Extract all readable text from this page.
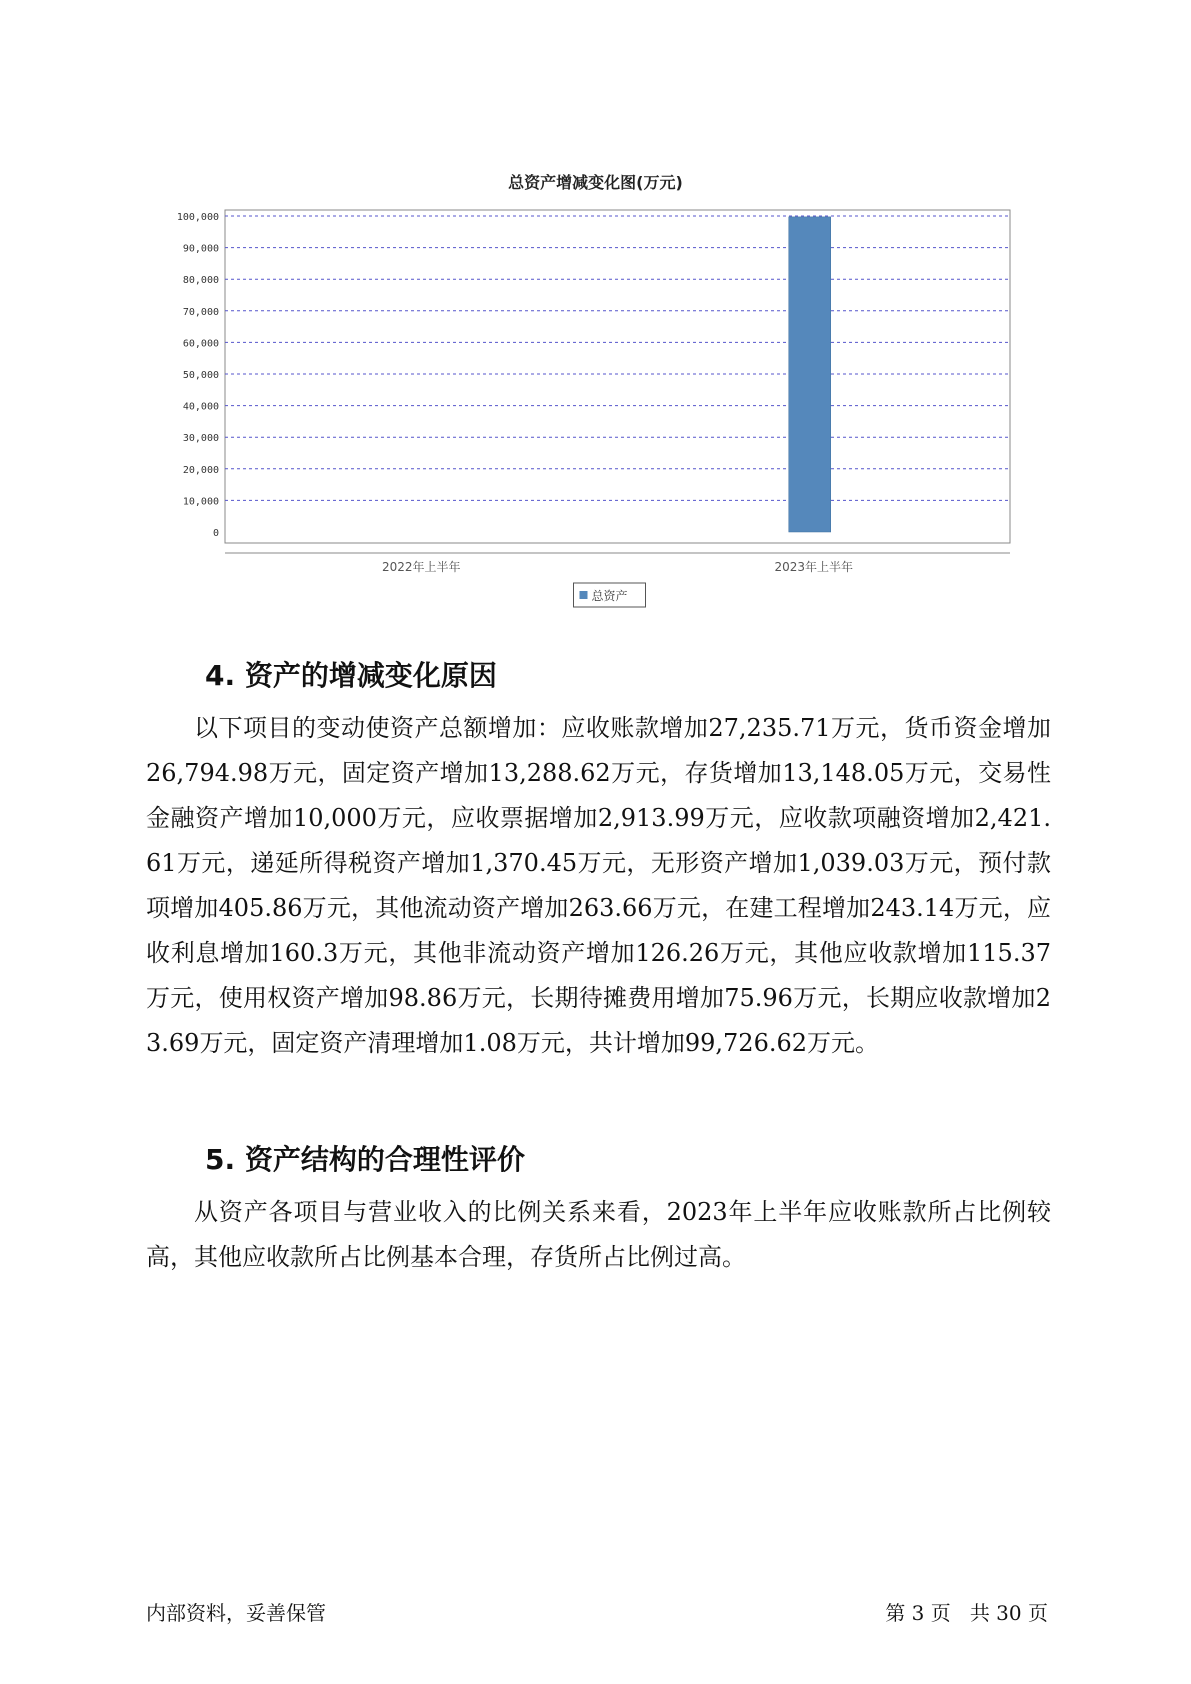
总资产增减变化图(万元)
0
10,000
20,000
30,000
40,000
50,000
60,000
70,000
80,000
90,000
100,000
2022年上半年	2023年上半年
总资产
4. 资产的增减变化原因

以下项目的变动使资产总额增加：应收账款增加27,235.71万元，货币资金增加26,794.98万元，固定资产增加13,288.62万元，存货增加13,148.05万元，交易性金融资产增加10,000万元，应收票据增加2,913.99万元，应收款项融资增加2,421.61万元，递延所得税资产增加1,370.45万元，无形资产增加1,039.03万元，预付款项增加405.86万元，其他流动资产增加263.66万元，在建工程增加243.14万元，应收利息增加160.3万元，其他非流动资产增加126.26万元，其他应收款增加115.37万元，使用权资产增加98.86万元，长期待摊费用增加75.96万元，长期应收款增加23.69万元，固定资产清理增加1.08万元，共计增加99,726.62万元。

5. 资产结构的合理性评价

从资产各项目与营业收入的比例关系来看，2023年上半年应收账款所占比例较高，其他应收款所占比例基本合理，存货所占比例过高。

内部资料，妥善保管	第 3 页   共 30 页
